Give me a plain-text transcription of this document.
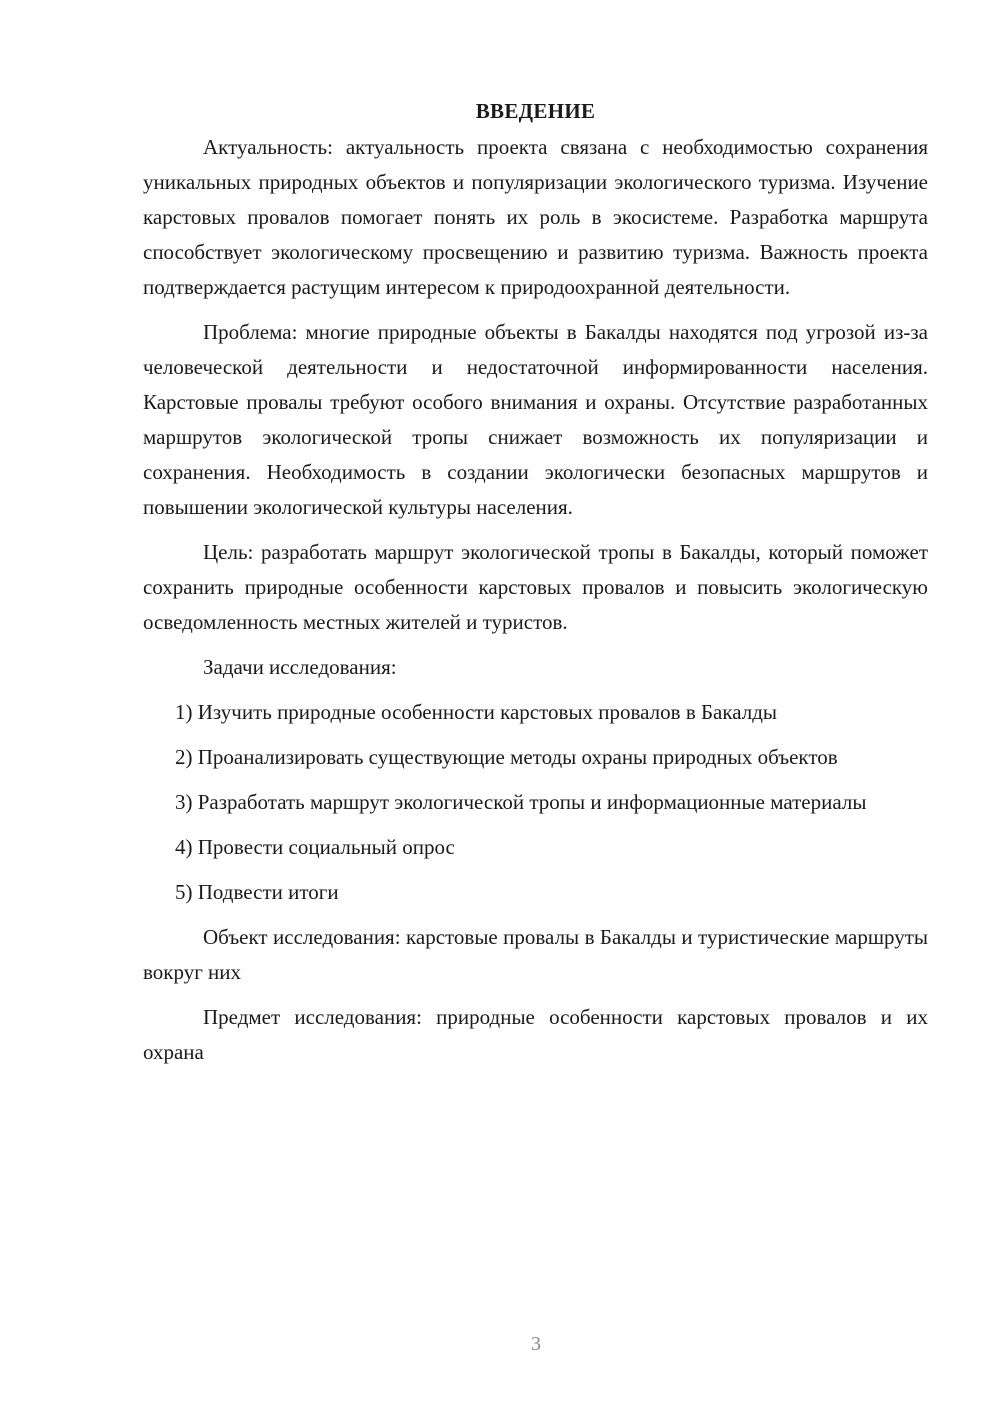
ВВЕДЕНИЕ

Актуальность: актуальность проекта связана с необходимостью сохранения уникальных природных объектов и популяризации экологического туризма. Изучение карстовых провалов помогает понять их роль в экосистеме. Разработка маршрута способствует экологическому просвещению и развитию туризма. Важность проекта подтверждается растущим интересом к природоохранной деятельности.

Проблема: многие природные объекты в Бакалды находятся под угрозой из-за человеческой деятельности и недостаточной информированности населения. Карстовые провалы требуют особого внимания и охраны. Отсутствие разработанных маршрутов экологической тропы снижает возможность их популяризации и сохранения. Необходимость в создании экологически безопасных маршрутов и повышении экологической культуры населения.

Цель: разработать маршрут экологической тропы в Бакалды, который поможет сохранить природные особенности карстовых провалов и повысить экологическую осведомленность местных жителей и туристов.

Задачи исследования:

1) Изучить природные особенности карстовых провалов в Бакалды

2) Проанализировать существующие методы охраны природных объектов

3) Разработать маршрут экологической тропы и информационные материалы

4) Провести социальный опрос

5) Подвести итоги

Объект исследования: карстовые провалы в Бакалды и туристические маршруты вокруг них

Предмет исследования: природные особенности карстовых провалов и их охрана

3
